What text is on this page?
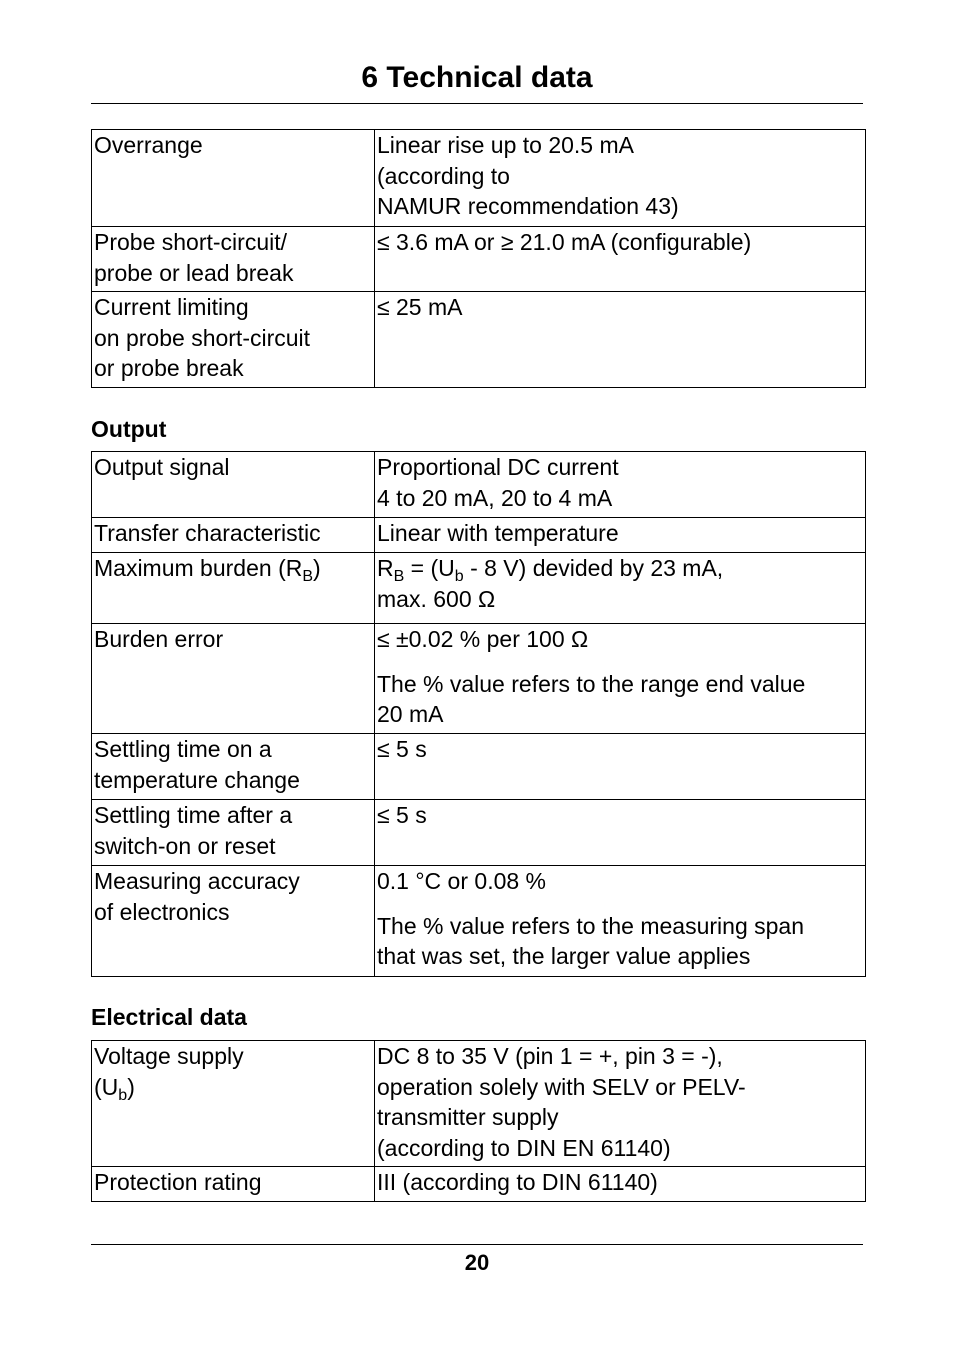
6 Technical data
Overrange	Linear rise up to 20.5 mA
(according to
NAMUR recommendation 43)

Probe short-circuit/
probe or lead break	≤ 3.6 mA or ≥ 21.0 mA (configurable)

Current limiting
on probe short-circuit
or probe break	≤ 25 mA
Output
Output signal	Proportional DC current
4 to 20 mA, 20 to 4 mA

Transfer characteristic	Linear with temperature

Maximum burden $(R_B)$	$R_B = (U_b - 8$ V) devided by 23 mA,
max. 600 Ω

Burden error	≤ ±0.02 % per 100 Ω
The % value refers to the range end value
20 mA

Settling time on a
temperature change	≤ 5 s

Settling time after a
switch-on or reset	≤ 5 s

Measuring accuracy
of electronics	0.1 °C or 0.08 %
The % value refers to the measuring span
that was set, the larger value applies
Electrical data
Voltage supply
$(U_b)$	DC 8 to 35 V (pin 1 = +, pin 3 = -),
operation solely with SELV or PELV-
transmitter supply
(according to DIN EN 61140)

Protection rating	III (according to DIN 61140)
20
